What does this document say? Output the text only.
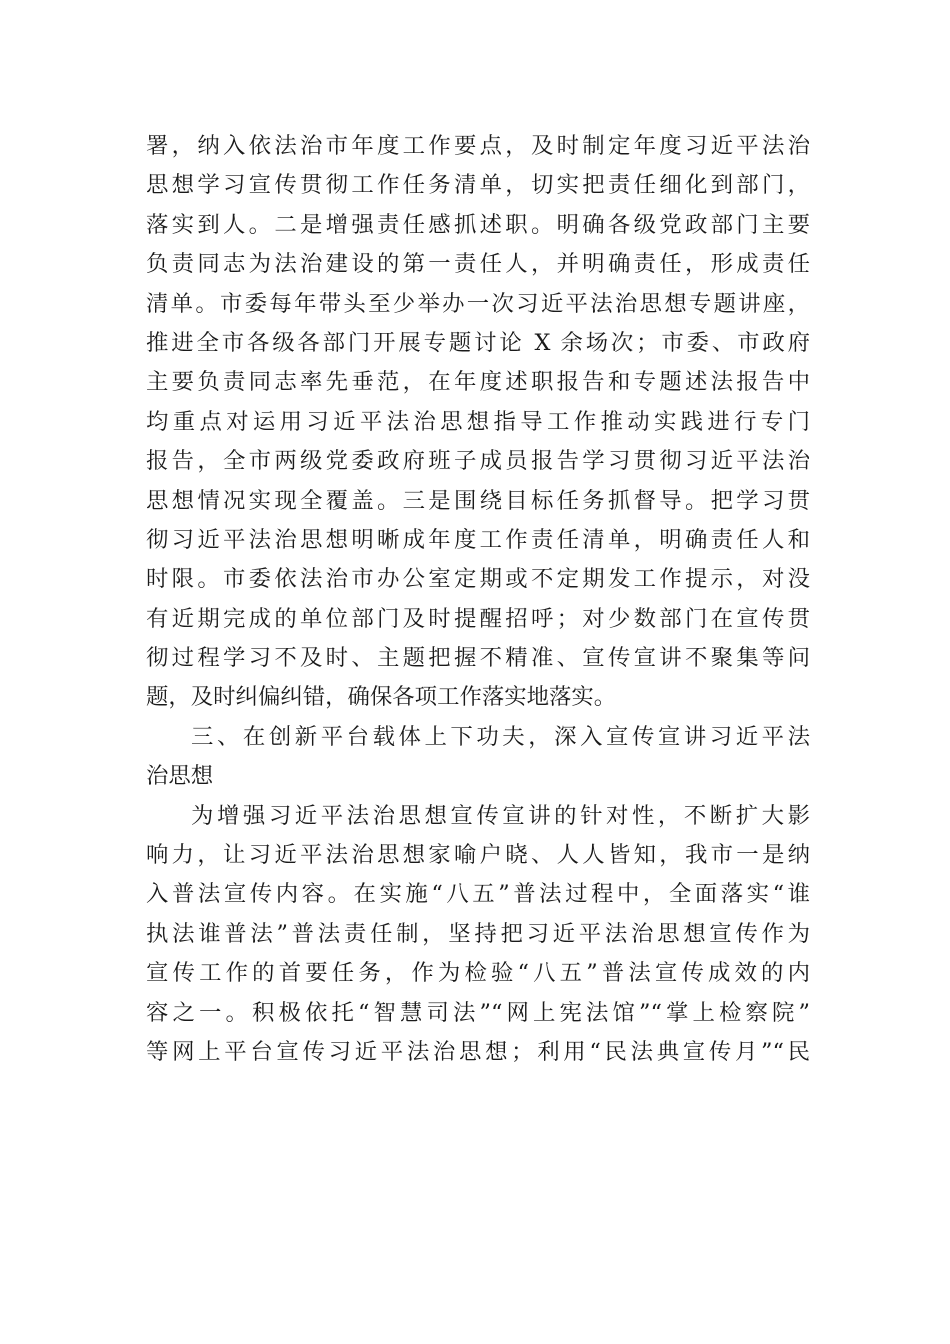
署，纳入依法治市年度工作要点，及时制定年度习近平法治
思想学习宣传贯彻工作任务清单，切实把责任细化到部门，
落实到人。二是增强责任感抓述职。明确各级党政部门主要
负责同志为法治建设的第一责任人，并明确责任，形成责任
清单。市委每年带头至少举办一次习近平法治思想专题讲座，
推进全市各级各部门开展专题讨论 X 余场次；市委、市政府
主要负责同志率先垂范，在年度述职报告和专题述法报告中
均重点对运用习近平法治思想指导工作推动实践进行专门
报告，全市两级党委政府班子成员报告学习贯彻习近平法治
思想情况实现全覆盖。三是围绕目标任务抓督导。把学习贯
彻习近平法治思想明晰成年度工作责任清单，明确责任人和
时限。市委依法治市办公室定期或不定期发工作提示，对没
有近期完成的单位部门及时提醒招呼；对少数部门在宣传贯
彻过程学习不及时、主题把握不精准、宣传宣讲不聚集等问
题，及时纠偏纠错，确保各项工作落实地落实。
三、在创新平台载体上下功夫，深入宣传宣讲习近平法
治思想
为增强习近平法治思想宣传宣讲的针对性，不断扩大影
响力，让习近平法治思想家喻户晓、人人皆知，我市一是纳
入普法宣传内容。在实施“八五”普法过程中，全面落实“谁
执法谁普法”普法责任制，坚持把习近平法治思想宣传作为
宣传工作的首要任务，作为检验“八五”普法宣传成效的内
容之一。积极依托“智慧司法”“网上宪法馆”“掌上检察院”
等网上平台宣传习近平法治思想；利用“民法典宣传月”“民
